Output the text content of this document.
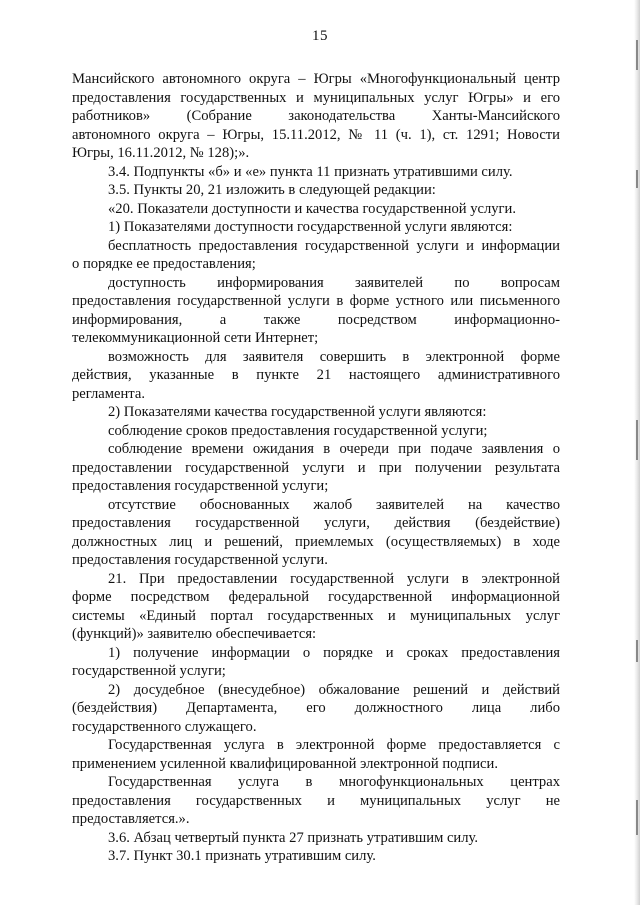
15
Мансийского автономного округа – Югры «Многофункциональный центр
предоставления государственных и муниципальных услуг Югры» и его
работников» (Собрание законодательства Ханты-Мансийского
автономного округа – Югры, 15.11.2012, № 11 (ч. 1), ст. 1291; Новости
Югры, 16.11.2012, № 128);».
3.4. Подпункты «б» и «е» пункта 11 признать утратившими силу.
3.5. Пункты 20, 21 изложить в следующей редакции:
«20. Показатели доступности и качества государственной услуги.
1) Показателями доступности государственной услуги являются:
бесплатность предоставления государственной услуги и информации
о порядке ее предоставления;
доступность информирования заявителей по вопросам
предоставления государственной услуги в форме устного или письменного
информирования, а также посредством информационно-
телекоммуникационной сети Интернет;
возможность для заявителя совершить в электронной форме
действия, указанные в пункте 21 настоящего административного
регламента.
2) Показателями качества государственной услуги являются:
соблюдение сроков предоставления государственной услуги;
соблюдение времени ожидания в очереди при подаче заявления о
предоставлении государственной услуги и при получении результата
предоставления государственной услуги;
отсутствие обоснованных жалоб заявителей на качество
предоставления государственной услуги, действия (бездействие)
должностных лиц и решений, приемлемых (осуществляемых) в ходе
предоставления государственной услуги.
21. При предоставлении государственной услуги в электронной
форме посредством федеральной государственной информационной
системы «Единый портал государственных и муниципальных услуг
(функций)» заявителю обеспечивается:
1) получение информации о порядке и сроках предоставления
государственной услуги;
2) досудебное (внесудебное) обжалование решений и действий
(бездействия) Департамента, его должностного лица либо
государственного служащего.
Государственная услуга в электронной форме предоставляется с
применением усиленной квалифицированной электронной подписи.
Государственная услуга в многофункциональных центрах
предоставления государственных и муниципальных услуг не
предоставляется.».
3.6. Абзац четвертый пункта 27 признать утратившим силу.
3.7. Пункт 30.1 признать утратившим силу.
